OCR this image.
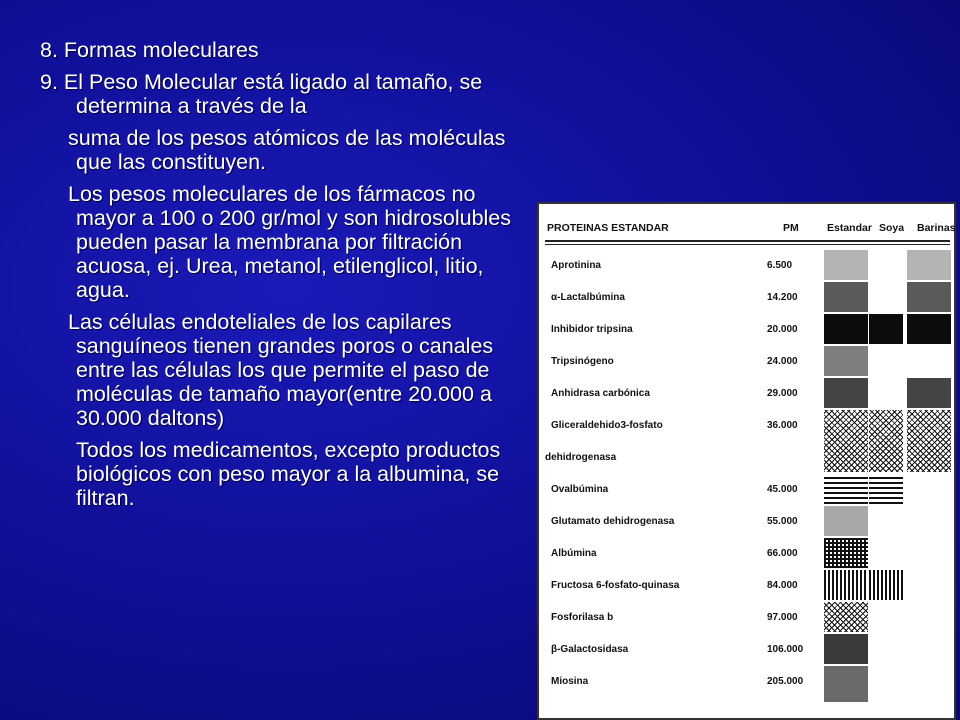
8. Formas moleculares

9. El Peso Molecular está ligado al tamaño, se determina a través de la

suma de los pesos atómicos de las moléculas que las constituyen.

Los pesos moleculares de los fármacos no mayor a 100 o 200 gr/mol y son hidrosolubles pueden pasar la membrana por filtración acuosa, ej. Urea, metanol, etilenglicol, litio, agua.

Las células endoteliales de los capilares sanguíneos tienen grandes poros o canales entre las células los que permite el paso de moléculas de tamaño mayor(entre 20.000 a 30.000 daltons)

Todos los medicamentos, excepto productos biológicos con peso mayor a la albumina, se filtran.

PROTEINAS ESTANDAR	PM	Estandar Soya Barinas
Aprotinina	6.500
α-Lactalbúmina	14.200
Inhibidor tripsina	20.000
Tripsinógeno	24.000
Anhidrasa carbónica	29.000
Gliceraldehido3-fosfato	36.000
dehidrogenasa
Ovalbúmina	45.000
Glutamato dehidrogenasa	55.000
Albúmina	66.000
Fructosa 6-fosfato-quinasa	84.000
Fosforilasa b	97.000
β-Galactosidasa	106.000
Miosina	205.000
